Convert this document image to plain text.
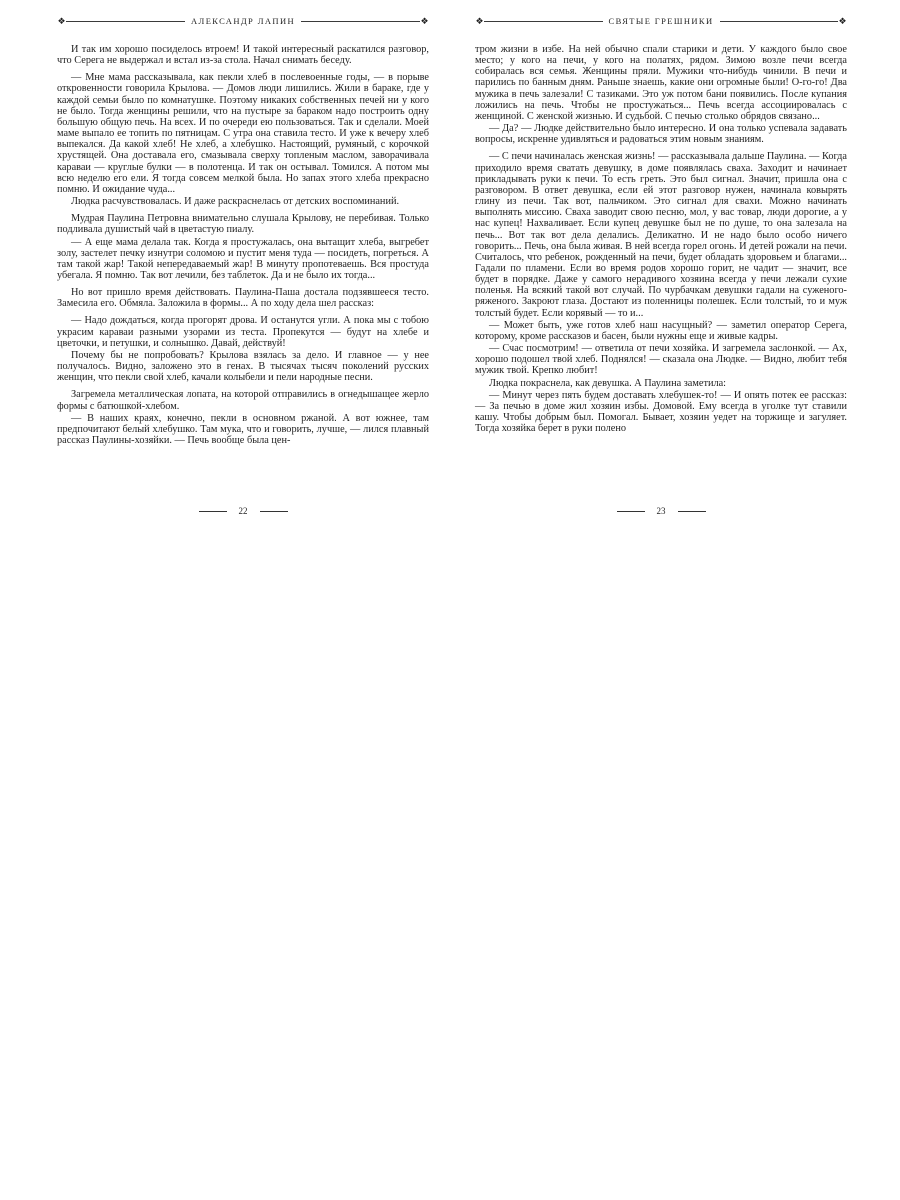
❖	АЛЕКСАНДР ЛАПИН	❖

И так им хорошо посиделось втроем! И такой интересный раскатился разговор, что Серега не выдержал и встал из-за стола. Начал снимать беседу.

— Мне мама рассказывала, как пекли хлеб в послевоенные годы, — в порыве откровенности говорила Крылова. — Домов люди лишились. Жили в бараке, где у каждой семьи было по комнатушке. Поэтому никаких собственных печей ни у кого не было. Тогда женщины решили, что на пустыре за бараком надо построить одну большую общую печь. На всех. И по очереди ею пользоваться. Так и сделали. Моей маме выпало ее топить по пятницам. С утра она ставила тесто. И уже к вечеру хлеб выпекался. Да какой хлеб! Не хлеб, а хлебушко. Настоящий, румяный, с корочкой хрустящей. Она доставала его, смазывала сверху топленым маслом, заворачивала караваи — круглые булки — в полотенца. И так он остывал. Томился. А потом мы всю неделю его ели. Я тогда совсем мелкой была. Но запах этого хлеба прекрасно помню. И ожидание чуда...

Людка расчувствовалась. И даже раскраснелась от детских воспоминаний.

Мудрая Паулина Петровна внимательно слушала Крылову, не перебивая. Только подливала душистый чай в цветастую пиалу.

— А еще мама делала так. Когда я простужалась, она вытащит хлеба, выгребет золу, застелет печку изнутри соломою и пустит меня туда — посидеть, погреться. А там такой жар! Такой непередаваемый жар! В минуту пропотеваешь. Вся простуда убегала. Я помню. Так вот лечили, без таблеток. Да и не было их тогда...

Но вот пришло время действовать. Паулина-Паша достала подзявшееся тесто. Замесила его. Обмяла. Заложила в формы... А по ходу дела шел рассказ:

— Надо дождаться, когда прогорят дрова. И останутся угли. А пока мы с тобою украсим караваи разными узорами из теста. Пропекутся — будут на хлебе и цветочки, и петушки, и солнышко. Давай, действуй!

Почему бы не попробовать? Крылова взялась за дело. И главное — у нее получалось. Видно, заложено это в генах. В тысячах тысяч поколений русских женщин, что пекли свой хлеб, качали колыбели и пели народные песни.

Загремела металлическая лопата, на которой отправились в огнедышащее жерло формы с батюшкой-хлебом.

— В наших краях, конечно, пекли в основном ржаной. А вот южнее, там предпочитают белый хлебушко. Там мука, что и говорить, лучше, — лился плавный рассказ Паулины-хозяйки. — Печь вообще была цен-

22
❖	СВЯТЫЕ ГРЕШНИКИ	❖

тром жизни в избе. На ней обычно спали старики и дети. У каждого было свое место; у кого на печи, у кого на полатях, рядом. Зимою возле печи всегда собиралась вся семья. Женщины пряли. Мужики что-нибудь чинили. В печи и парились по банным дням. Раньше знаешь, какие они огромные были! О-го-го! Два мужика в печь залезали! С тазиками. Это уж потом бани появились. После купания ложились на печь. Чтобы не простужаться... Печь всегда ассоциировалась с женщиной. С женской жизнью. И судьбой. С печью столько обрядов связано...

— Да? — Людке действительно было интересно. И она только успевала задавать вопросы, искренне удивляться и радоваться этим новым знаниям.

— С печи начиналась женская жизнь! — рассказывала дальше Паулина. — Когда приходило время сватать девушку, в доме появлялась сваха. Заходит и начинает прикладывать руки к печи. То есть греть. Это был сигнал. Значит, пришла она с разговором. В ответ девушка, если ей этот разговор нужен, начинала ковырять глину из печи. Так вот, пальчиком. Это сигнал для свахи. Можно начинать выполнять миссию. Сваха заводит свою песню, мол, у вас товар, люди дорогие, а у нас купец! Нахваливает. Если купец девушке был не по душе, то она залезала на печь... Вот так вот дела делались. Деликатно. И не надо было особо ничего говорить... Печь, она была живая. В ней всегда горел огонь. И детей рожали на печи. Считалось, что ребенок, рожденный на печи, будет обладать здоровьем и благами... Гадали по пламени. Если во время родов хорошо горит, не чадит — значит, все будет в порядке. Даже у самого нерадивого хозяина всегда у печи лежали сухие поленья. На всякий такой вот случай. По чурбачкам девушки гадали на суженого-ряженого. Закроют глаза. Достают из поленницы полешек. Если толстый, то и муж толстый будет. Если корявый — то и...

— Может быть, уже готов хлеб наш насущный? — заметил оператор Серега, которому, кроме рассказов и басен, были нужны еще и живые кадры.

— Счас посмотрим! — ответила от печи хозяйка. И загремела заслонкой. — Ах, хорошо подошел твой хлеб. Поднялся! — сказала она Людке. — Видно, любит тебя мужик твой. Крепко любит!

Людка покраснела, как девушка. А Паулина заметила:

— Минут через пять будем доставать хлебушек-то! — И опять потек ее рассказ: — За печью в доме жил хозяин избы. Домовой. Ему всегда в уголке тут ставили кашу. Чтобы добрым был. Помогал. Бывает, хозяин уедет на торжище и загуляет. Тогда хозяйка берет в руки полено

23
